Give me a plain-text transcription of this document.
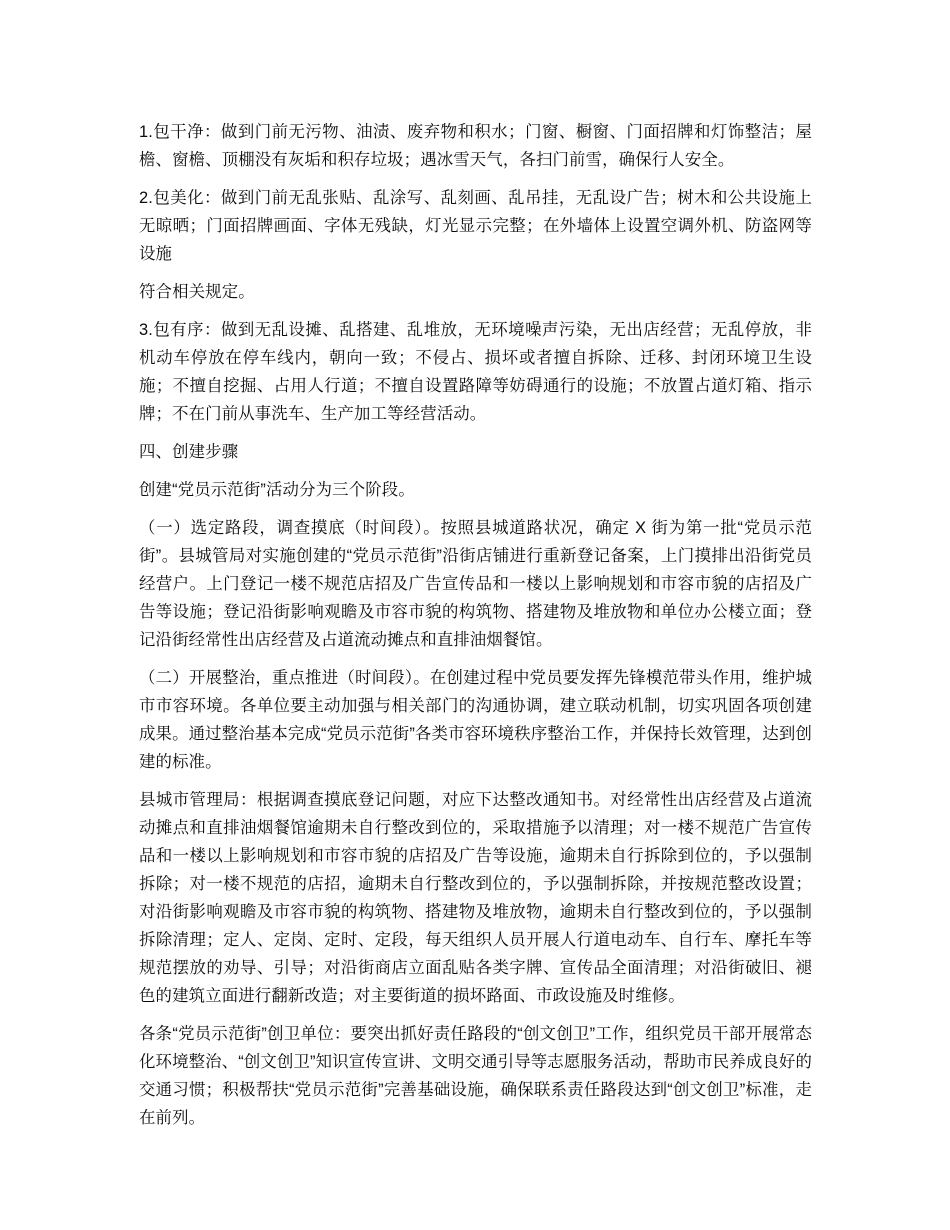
1.包干净：做到门前无污物、油渍、废弃物和积水；门窗、橱窗、门面招牌和灯饰整洁；屋檐、窗檐、顶棚没有灰垢和积存垃圾；遇冰雪天气，各扫门前雪，确保行人安全。

2.包美化：做到门前无乱张贴、乱涂写、乱刻画、乱吊挂，无乱设广告；树木和公共设施上无晾晒；门面招牌画面、字体无残缺，灯光显示完整；在外墙体上设置空调外机、防盗网等设施

符合相关规定。

3.包有序：做到无乱设摊、乱搭建、乱堆放，无环境噪声污染，无出店经营；无乱停放，非机动车停放在停车线内，朝向一致；不侵占、损坏或者擅自拆除、迁移、封闭环境卫生设施；不擅自挖掘、占用人行道；不擅自设置路障等妨碍通行的设施；不放置占道灯箱、指示牌；不在门前从事洗车、生产加工等经营活动。

四、创建步骤

创建“党员示范街”活动分为三个阶段。

（一）选定路段，调查摸底（时间段）。按照县城道路状况，确定 X 街为第一批“党员示范街”。县城管局对实施创建的“党员示范街”沿街店铺进行重新登记备案，上门摸排出沿街党员经营户。上门登记一楼不规范店招及广告宣传品和一楼以上影响规划和市容市貌的店招及广告等设施；登记沿街影响观瞻及市容市貌的构筑物、搭建物及堆放物和单位办公楼立面；登记沿街经常性出店经营及占道流动摊点和直排油烟餐馆。

（二）开展整治，重点推进（时间段）。在创建过程中党员要发挥先锋模范带头作用，维护城市市容环境。各单位要主动加强与相关部门的沟通协调，建立联动机制，切实巩固各项创建成果。通过整治基本完成“党员示范街”各类市容环境秩序整治工作，并保持长效管理，达到创建的标准。

县城市管理局：根据调查摸底登记问题，对应下达整改通知书。对经常性出店经营及占道流动摊点和直排油烟餐馆逾期未自行整改到位的，采取措施予以清理；对一楼不规范广告宣传品和一楼以上影响规划和市容市貌的店招及广告等设施，逾期未自行拆除到位的，予以强制拆除；对一楼不规范的店招，逾期未自行整改到位的，予以强制拆除，并按规范整改设置；对沿街影响观瞻及市容市貌的构筑物、搭建物及堆放物，逾期未自行整改到位的，予以强制拆除清理；定人、定岗、定时、定段，每天组织人员开展人行道电动车、自行车、摩托车等规范摆放的劝导、引导；对沿街商店立面乱贴各类字牌、宣传品全面清理；对沿街破旧、褪色的建筑立面进行翻新改造；对主要街道的损坏路面、市政设施及时维修。

各条“党员示范街”创卫单位：要突出抓好责任路段的“创文创卫”工作，组织党员干部开展常态化环境整治、“创文创卫”知识宣传宣讲、文明交通引导等志愿服务活动，帮助市民养成良好的交通习惯；积极帮扶“党员示范街”完善基础设施，确保联系责任路段达到“创文创卫”标准，走在前列。
